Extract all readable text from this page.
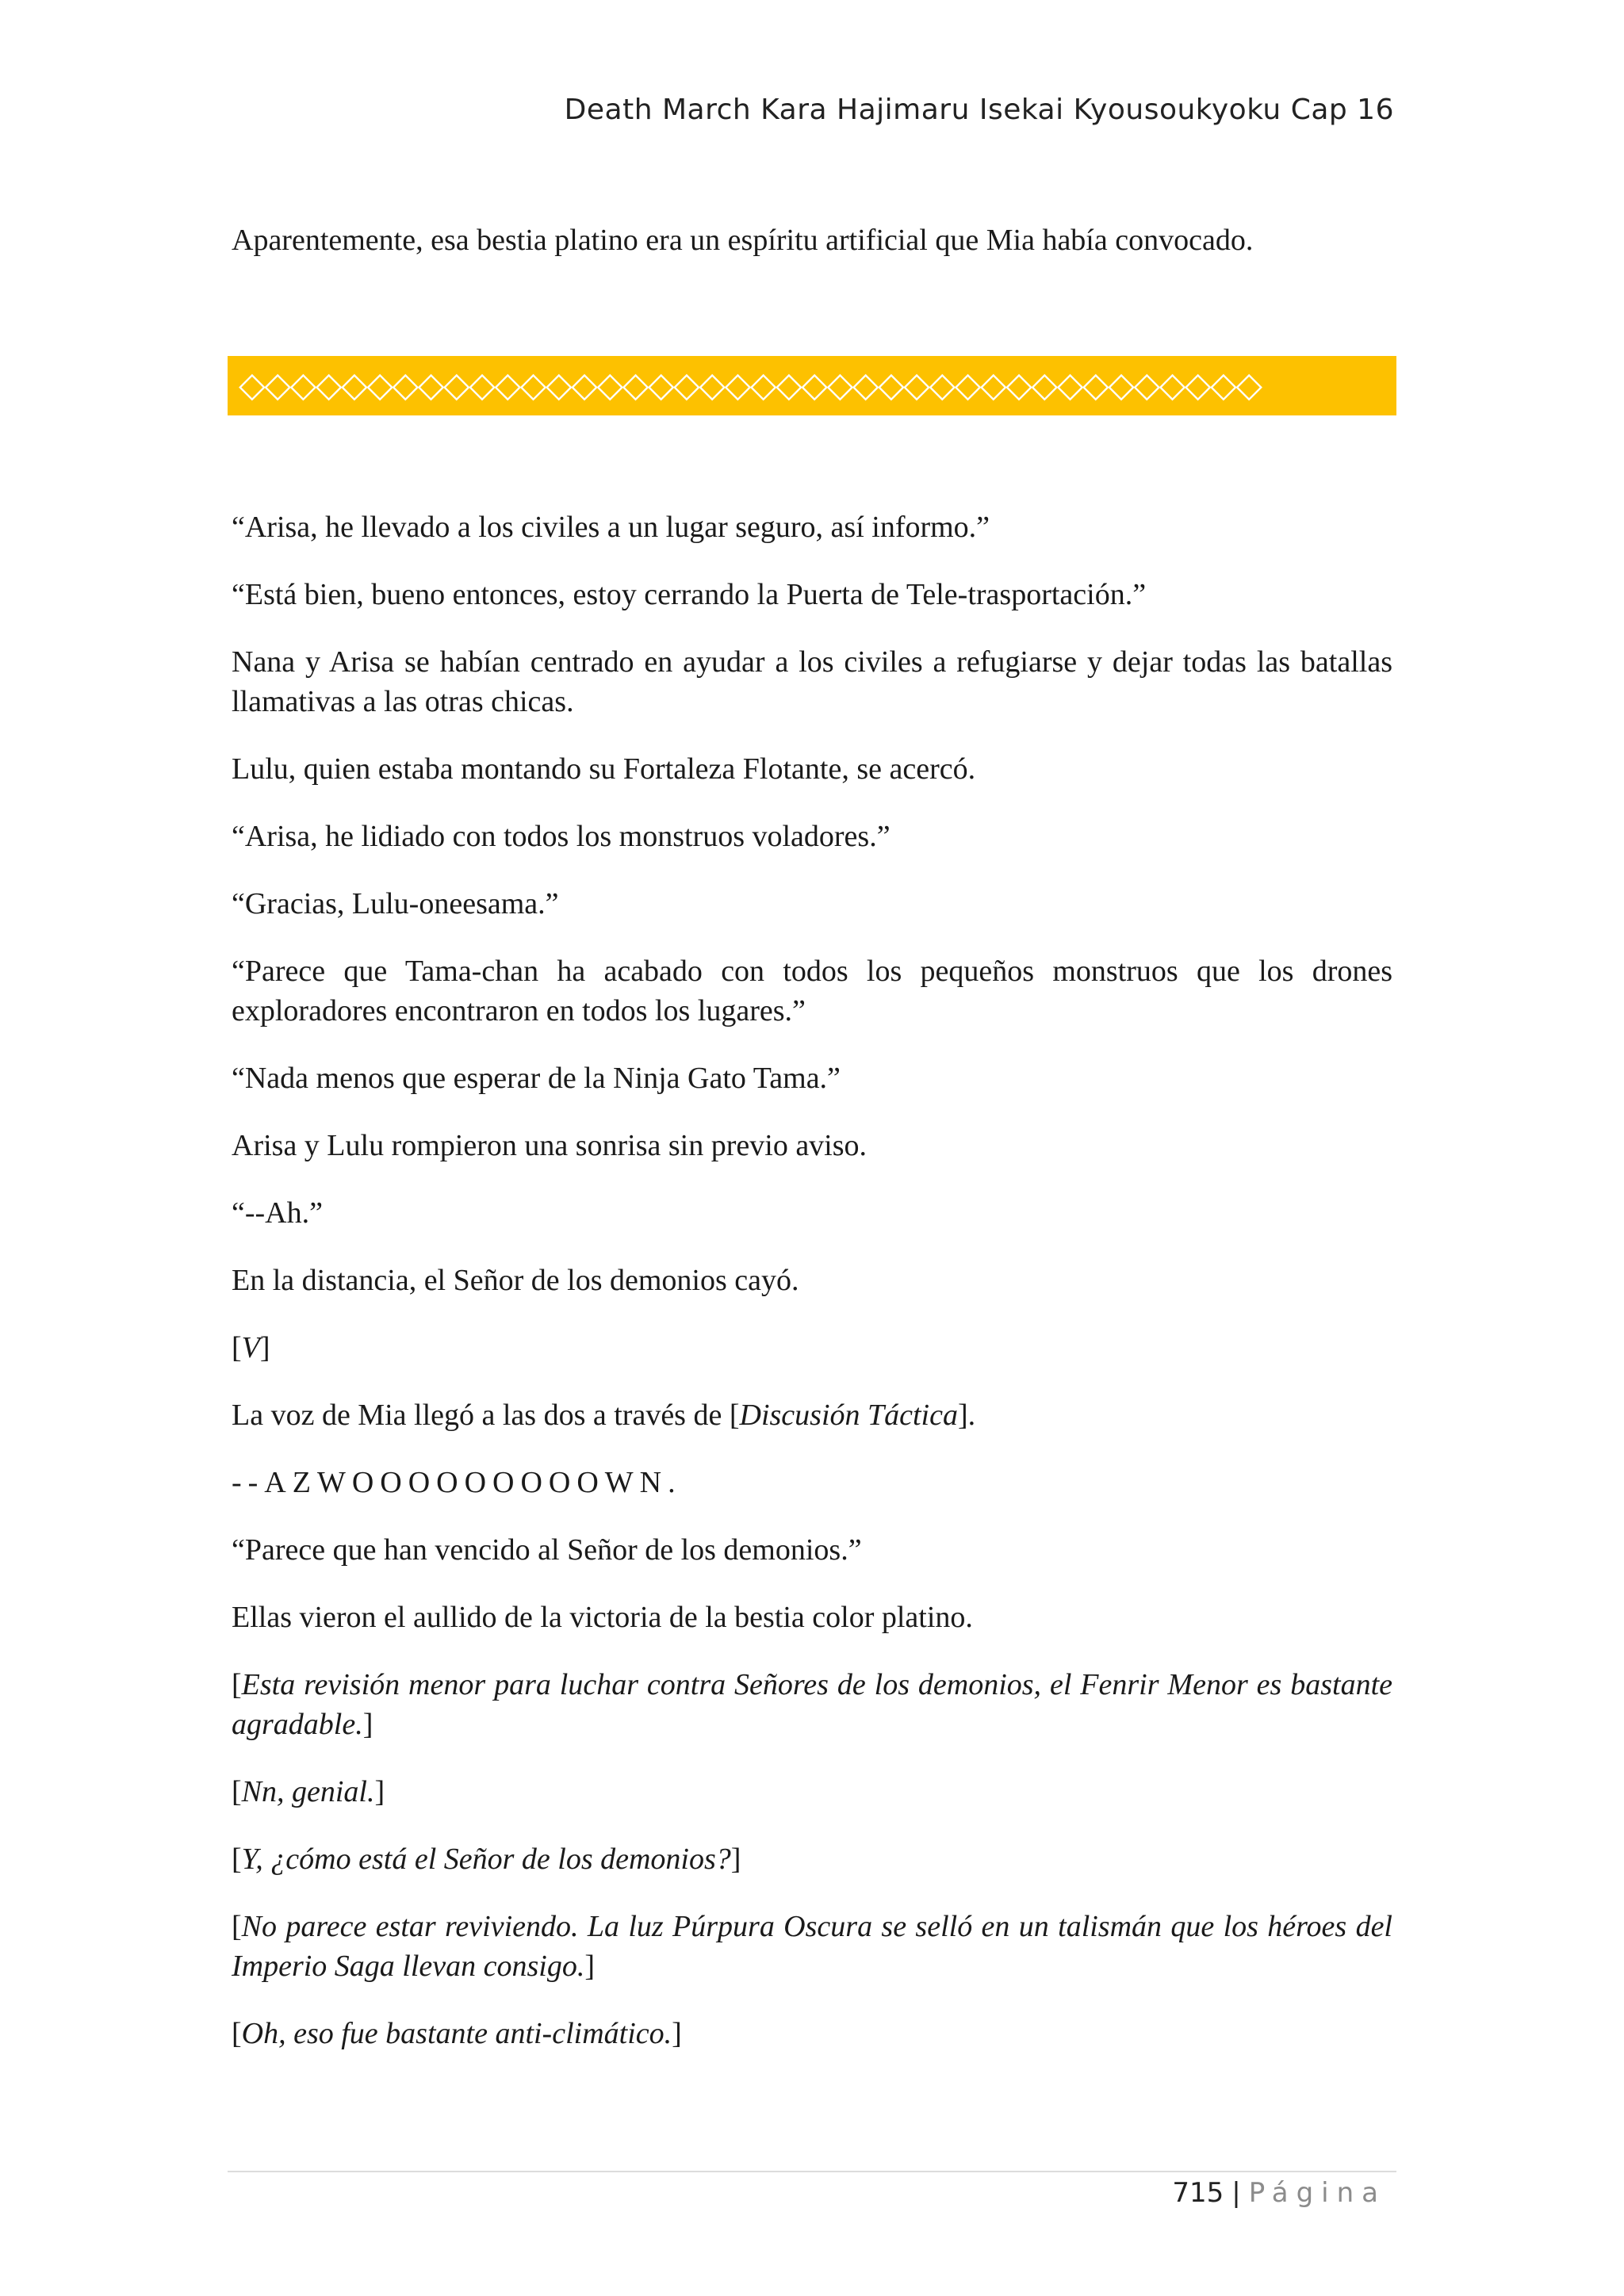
Death March Kara Hajimaru Isekai Kyousoukyoku Cap 16

Aparentemente, esa bestia platino era un espíritu artificial que Mia había convocado.

“Arisa, he llevado a los civiles a un lugar seguro, así informo.”

“Está bien, bueno entonces, estoy cerrando la Puerta de Tele-trasportación.”

Nana y Arisa se habían centrado en ayudar a los civiles a refugiarse y dejar todas las batallas llamativas a las otras chicas.

Lulu, quien estaba montando su Fortaleza Flotante, se acercó.

“Arisa, he lidiado con todos los monstruos voladores.”

“Gracias, Lulu-oneesama.”

“Parece que Tama-chan ha acabado con todos los pequeños monstruos que los drones exploradores encontraron en todos los lugares.”

“Nada menos que esperar de la Ninja Gato Tama.”

Arisa y Lulu rompieron una sonrisa sin previo aviso.

“--Ah.”

En la distancia, el Señor de los demonios cayó.

[V]

La voz de Mia llegó a las dos a través de [Discusión Táctica].

--AZWOOOOOOOOOWN.

“Parece que han vencido al Señor de los demonios.”

Ellas vieron el aullido de la victoria de la bestia color platino.

[Esta revisión menor para luchar contra Señores de los demonios, el Fenrir Menor es bastante agradable.]

[Nn, genial.]

[Y, ¿cómo está el Señor de los demonios?]

[No parece estar reviviendo. La luz Púrpura Oscura se selló en un talismán que los héroes del Imperio Saga llevan consigo.]

[Oh, eso fue bastante anti-climático.]

◇◇◇◇◇◇◇◇◇◇◇◇◇◇◇◇◇◇◇◇◇◇◇◇◇◇◇◇◇◇◇◇◇◇◇◇◇◇◇◇
715 | Página
